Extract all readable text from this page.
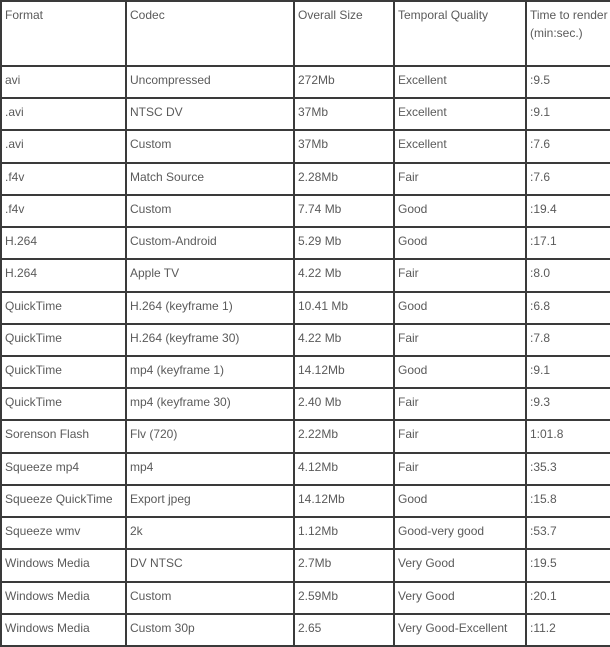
Format	Codec	Overall Size	Temporal Quality	Time to render (min:sec.)

avi	Uncompressed	272Mb	Excellent	:9.5

.avi	NTSC DV	37Mb	Excellent	:9.1

.avi	Custom	37Mb	Excellent	:7.6

.f4v	Match Source	2.28Mb	Fair	:7.6

.f4v	Custom	7.74 Mb	Good	:19.4

H.264	Custom-Android	5.29 Mb	Good	:17.1

H.264	Apple TV	4.22 Mb	Fair	:8.0

QuickTime	H.264 (keyframe 1)	10.41 Mb	Good	:6.8

QuickTime	H.264 (keyframe 30)	4.22 Mb	Fair	:7.8

QuickTime	mp4 (keyframe 1)	14.12Mb	Good	:9.1

QuickTime	mp4 (keyframe 30)	2.40 Mb	Fair	:9.3

Sorenson Flash	Flv (720)	2.22Mb	Fair	1:01.8

Squeeze mp4	mp4	4.12Mb	Fair	:35.3

Squeeze QuickTime	Export jpeg	14.12Mb	Good	:15.8

Squeeze wmv	2k	1.12Mb	Good-very good	:53.7

Windows Media	DV NTSC	2.7Mb	Very Good	:19.5

Windows Media	Custom	2.59Mb	Very Good	:20.1

Windows Media	Custom 30p	2.65	Very Good-Excellent	:11.2
